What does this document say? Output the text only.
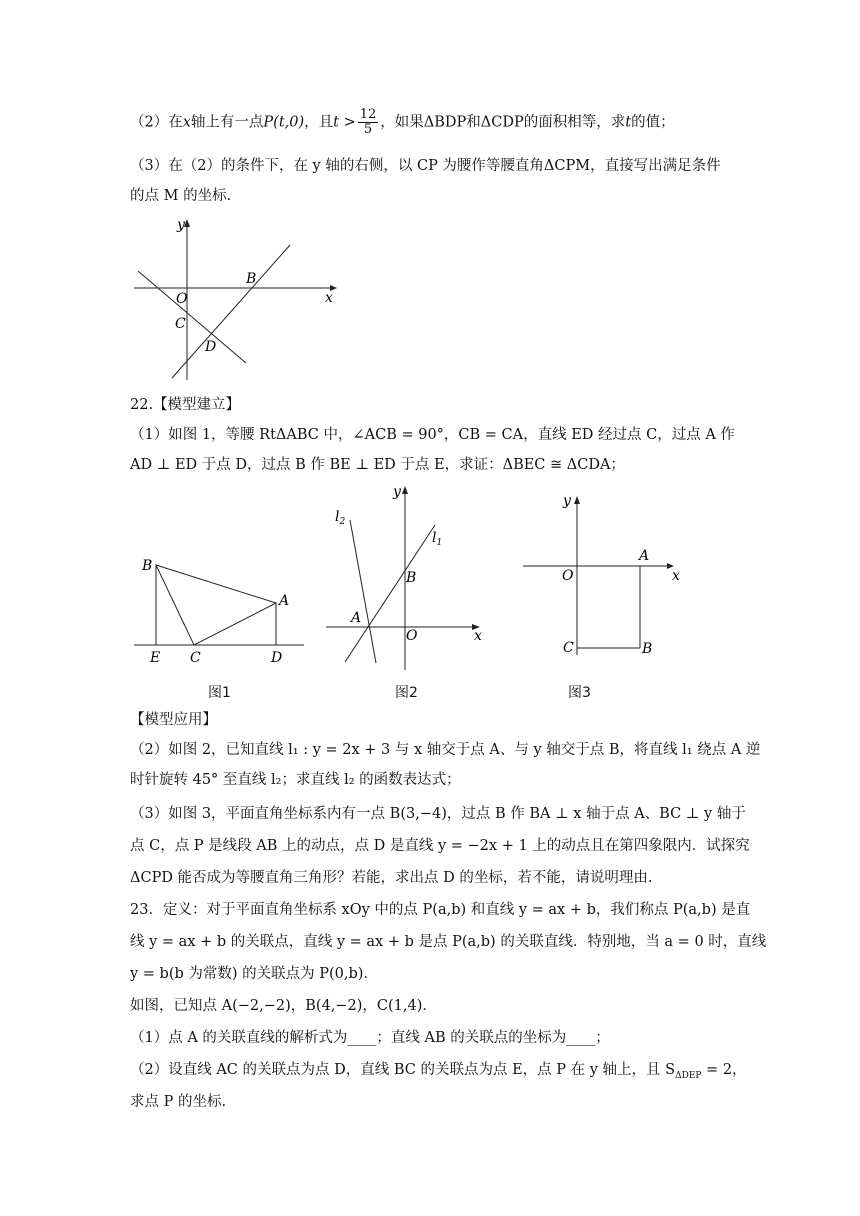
（2）在x轴上有一点P(t,0)，且$t > \frac{12}{5}$ ，如果ΔBDP和ΔCDP的面积相等，求t的值；
（3）在（2）的条件下，在 y 轴的右侧，以 CP 为腰作等腰直角ΔCPM，直接写出满足条件
的点 M 的坐标.
y
x
O
B
C
D
22.【模型建立】
（1）如图 1，等腰 RtΔABC 中，∠ACB = 90°，CB = CA，直线 ED 经过点 C，过点 A 作
AD ⊥ ED 于点 D，过点 B 作 BE ⊥ ED 于点 E，求证：ΔBEC ≅ ΔCDA；
B
A
E C	D
图1
y
x
$l_1$
$l_2$
A
B
O
图2
y
x
O
A
B
C
图3
【模型应用】
（2）如图 2，已知直线 l₁ : y = 2x + 3 与 x 轴交于点 A、与 y 轴交于点 B，将直线 l₁ 绕点 A 逆
时针旋转 45° 至直线 l₂；求直线 l₂ 的函数表达式；
（3）如图 3，平面直角坐标系内有一点 B(3,−4)，过点 B 作 BA ⊥ x 轴于点 A、BC ⊥ y 轴于
点 C，点 P 是线段 AB 上的动点，点 D 是直线 y = −2x + 1 上的动点且在第四象限内．试探究
ΔCPD 能否成为等腰直角三角形？若能，求出点 D 的坐标，若不能，请说明理由.
23．定义：对于平面直角坐标系 xOy 中的点 P(a,b) 和直线 y = ax + b，我们称点 P(a,b) 是直
线 y = ax + b 的关联点，直线 y = ax + b 是点 P(a,b) 的关联直线．特别地，当 a = 0 时，直线
y = b(b 为常数) 的关联点为 P(0,b)．
如图，已知点 A(−2,−2)，B(4,−2)，C(1,4)．
（1）点 A 的关联直线的解析式为____；直线 AB 的关联点的坐标为____；
（2）设直线 AC 的关联点为点 D，直线 BC 的关联点为点 E，点 P 在 y 轴上，且 $S_{\Delta DEP} = 2$，
求点 P 的坐标.
